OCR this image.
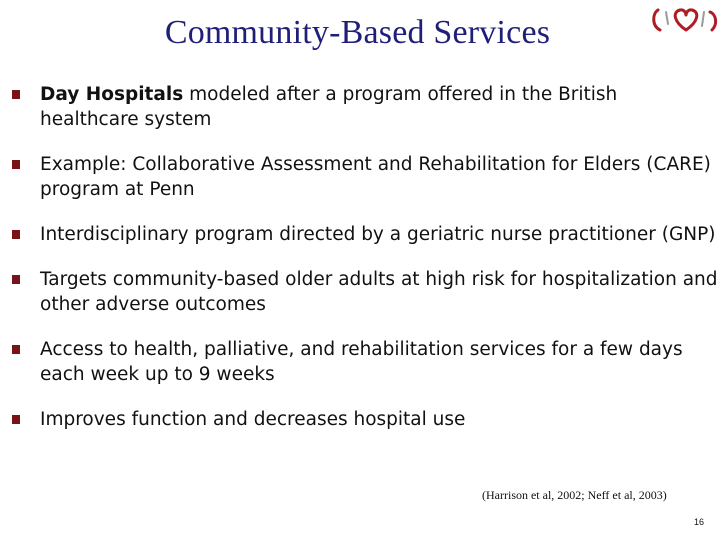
Community-Based Services
Day Hospitals modeled after a program offered in the British healthcare system
Example: Collaborative Assessment and Rehabilitation for Elders (CARE) program at Penn
Interdisciplinary program directed by a geriatric nurse practitioner (GNP)
Targets community-based older adults at high risk for hospitalization and other adverse outcomes
Access to health, palliative, and rehabilitation services for a few days each week up to 9 weeks
Improves function and decreases hospital use
(Harrison et al, 2002; Neff et al, 2003)
16
